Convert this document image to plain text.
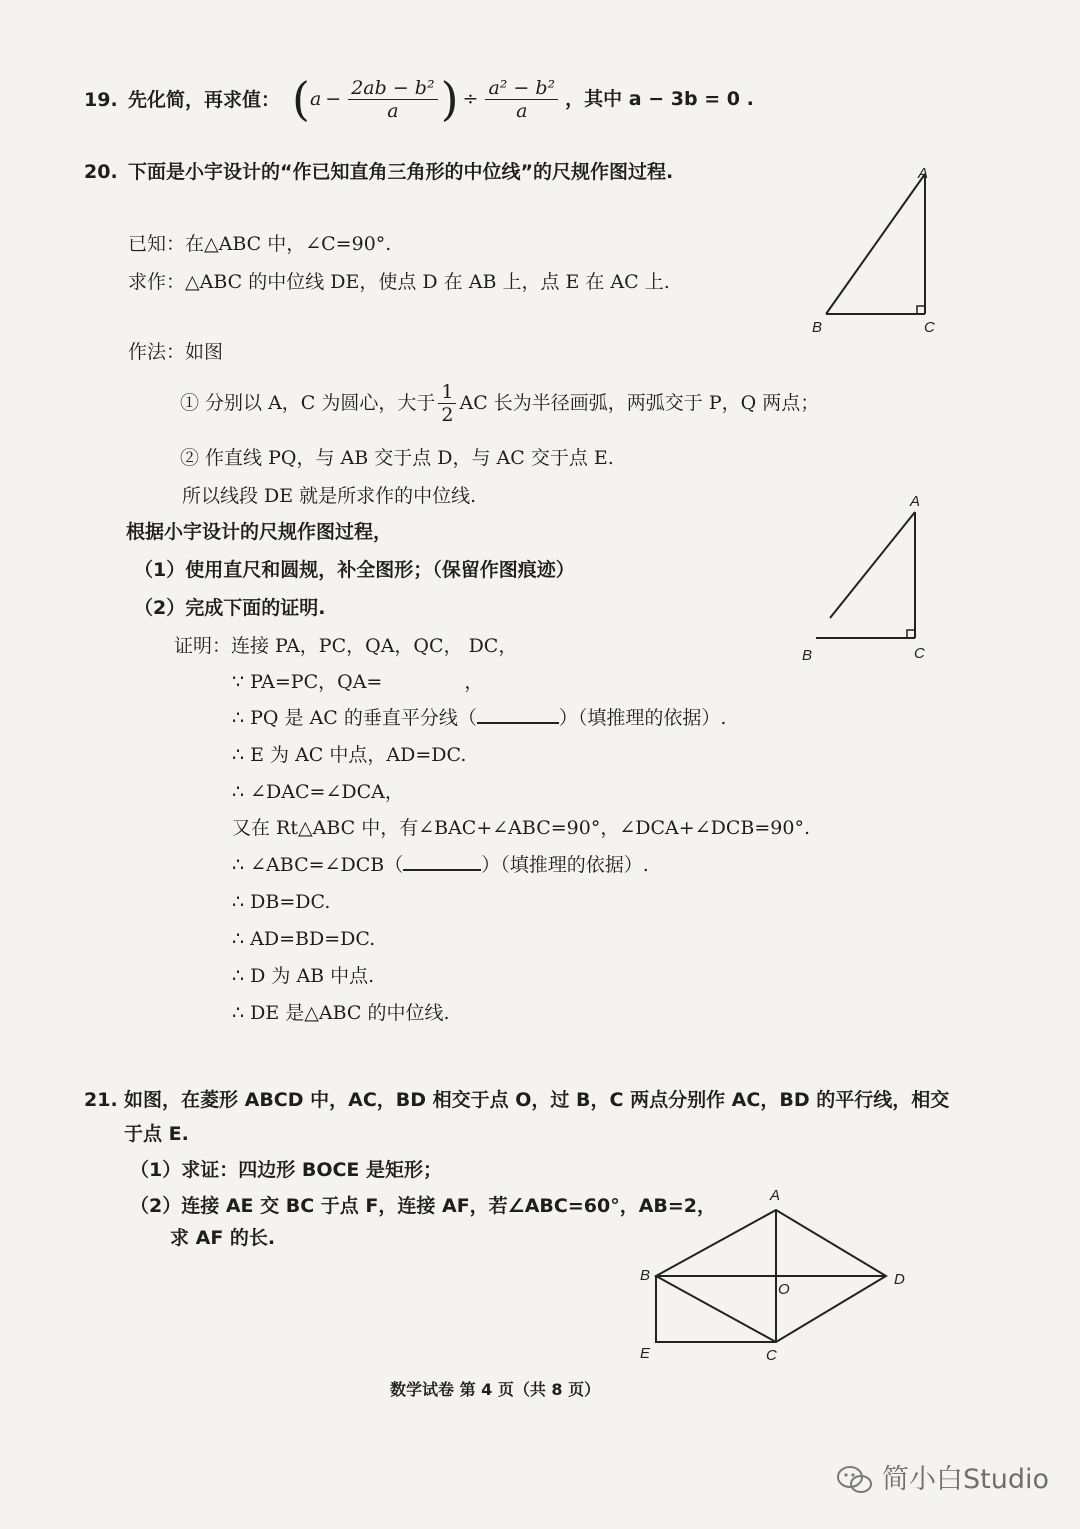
19. 先化简，再求值： ( $a - \frac{\text{2ab − b²}}{a}$ ) ÷ $\frac{\text{a² − b²}}{a}$ ，其中 a − 3b = 0 .
20. 下面是小宇设计的“作已知直角三角形的中位线”的尺规作图过程.	A
B	C
已知：在△ABC 中，∠C=90°.
求作：△ABC 的中位线 DE，使点 D 在 AB 上，点 E 在 AC 上.
作法：如图
① 分别以 A，C 为圆心，大于 $\frac{1}{2}$ AC 长为半径画弧，两弧交于 P，Q 两点；
② 作直线 PQ，与 AB 交于点 D，与 AC 交于点 E.
所以线段 DE 就是所求作的中位线.
根据小宇设计的尺规作图过程，
（1）使用直尺和圆规，补全图形；（保留作图痕迹）
（2）完成下面的证明.
A
B	C
证明：连接 PA，PC，QA，QC， DC，
∵ PA=PC，QA=	，
∴ PQ 是 AC 的垂直平分线（	）（填推理的依据）.
∴ E 为 AC 中点，AD=DC.
∴ ∠DAC=∠DCA，
又在 Rt△ABC 中，有∠BAC+∠ABC=90°，∠DCA+∠DCB=90°.
∴ ∠ABC=∠DCB（	）（填推理的依据）.
∴ DB=DC.
∴ AD=BD=DC.
∴ D 为 AB 中点.
∴ DE 是△ABC 的中位线.
21. 如图，在菱形 ABCD 中，AC，BD 相交于点 O，过 B，C 两点分别作 AC，BD 的平行线，相交
于点 E.
（1）求证：四边形 BOCE 是矩形；
（2）连接 AE 交 BC 于点 F，连接 AF，若∠ABC=60°，AB=2，
求 AF 的长.
A
B
C
D
E
O
数学试卷 第 4 页（共 8 页）
简小白Studio
